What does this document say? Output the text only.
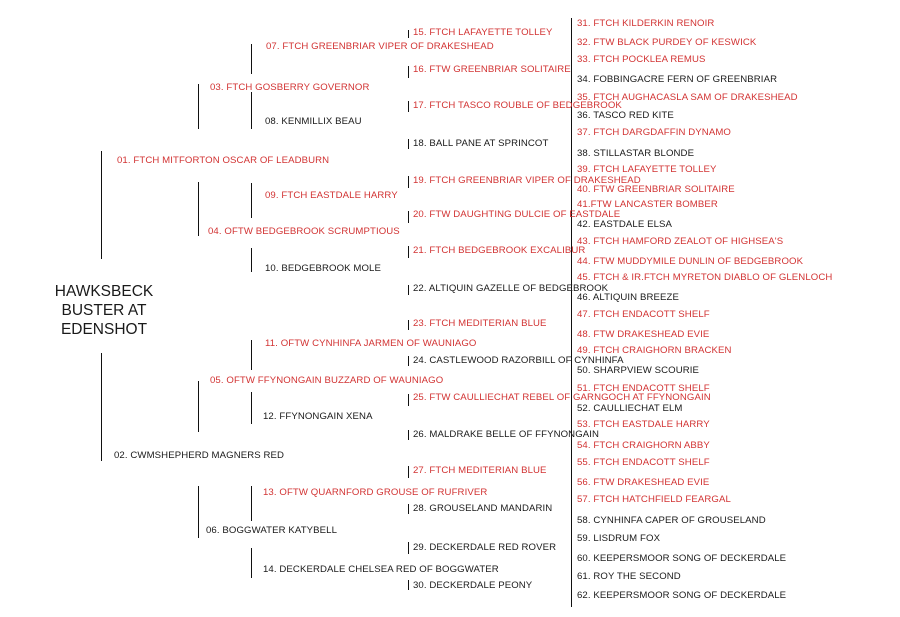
HAWKSBECK
BUSTER AT
EDENSHOT
01. FTCH MITFORTON OSCAR OF LEADBURN
02. CWMSHEPHERD MAGNERS RED
03. FTCH GOSBERRY GOVERNOR
04. OFTW BEDGEBROOK SCRUMPTIOUS
05. OFTW FFYNONGAIN BUZZARD OF WAUNIAGO
06. BOGGWATER KATYBELL
07. FTCH GREENBRIAR VIPER OF DRAKESHEAD
08. KENMILLIX BEAU
09. FTCH EASTDALE HARRY
10. BEDGEBROOK MOLE
11. OFTW CYNHINFA JARMEN OF WAUNIAGO
12. FFYNONGAIN XENA
13. OFTW QUARNFORD GROUSE OF RUFRIVER
14. DECKERDALE CHELSEA RED OF BOGGWATER
15. FTCH LAFAYETTE TOLLEY
16. FTW GREENBRIAR SOLITAIRE
17. FTCH TASCO ROUBLE OF BEDGEBROOK
18. BALL PANE AT SPRINCOT
19. FTCH GREENBRIAR VIPER OF DRAKESHEAD
20. FTW DAUGHTING DULCIE OF EASTDALE
21. FTCH BEDGEBROOK EXCALIBUR
22. ALTIQUIN GAZELLE OF BEDGEBROOK
23. FTCH MEDITERIAN BLUE
24. CASTLEWOOD RAZORBILL OF CYNHINFA
25. FTW CAULLIECHAT REBEL OF GARNGOCH AT FFYNONGAIN
26. MALDRAKE BELLE OF FFYNONGAIN
27. FTCH MEDITERIAN BLUE
28. GROUSELAND MANDARIN
29. DECKERDALE RED ROVER
30. DECKERDALE PEONY
31. FTCH KILDERKIN RENOIR
32. FTW BLACK PURDEY OF KESWICK
33. FTCH POCKLEA REMUS
34. FOBBINGACRE FERN OF GREENBRIAR
35. FTCH AUGHACASLA SAM OF DRAKESHEAD
36. TASCO RED KITE
37. FTCH DARGDAFFIN DYNAMO
38. STILLASTAR BLONDE
39. FTCH LAFAYETTE TOLLEY
40. FTW GREENBRIAR SOLITAIRE
41.FTW LANCASTER BOMBER
42. EASTDALE ELSA
43. FTCH HAMFORD ZEALOT OF HIGHSEA'S
44. FTW MUDDYMILE DUNLIN OF BEDGEBROOK
45. FTCH & IR.FTCH MYRETON DIABLO OF GLENLOCH
46. ALTIQUIN BREEZE
47. FTCH ENDACOTT SHELF
48. FTW DRAKESHEAD EVIE
49. FTCH CRAIGHORN BRACKEN
50. SHARPVIEW SCOURIE
51. FTCH ENDACOTT SHELF
52. CAULLIECHAT ELM
53. FTCH EASTDALE HARRY
54. FTCH CRAIGHORN ABBY
55. FTCH ENDACOTT SHELF
56. FTW DRAKESHEAD EVIE
57. FTCH HATCHFIELD FEARGAL
58. CYNHINFA CAPER OF GROUSELAND
59. LISDRUM FOX
60. KEEPERSMOOR SONG OF DECKERDALE
61. ROY THE SECOND
62. KEEPERSMOOR SONG OF DECKERDALE
